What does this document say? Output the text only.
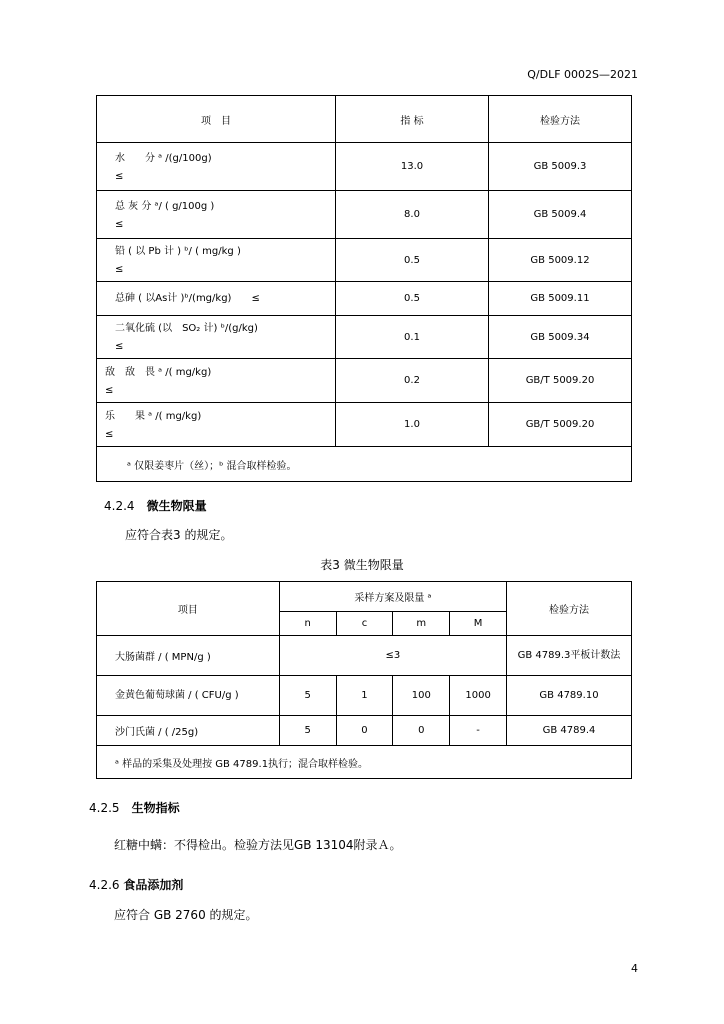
Q/DLF 0002S—2021
项　目	指 标	检验方法

水　　分 ᵃ /(g/100g)
≤	13.0	GB 5009.3

总 灰 分 ᵃ/ ( g/100g )
≤	8.0	GB 5009.4

铅 ( 以 Pb 计 ) ᵇ/ ( mg/kg )
≤	0.5	GB 5009.12

总砷 ( 以As计 )ᵇ/(mg/kg)　　≤	0.5	GB 5009.11

二氧化硫 (以　SO₂ 计) ᵇ/(g/kg)
≤	0.1	GB 5009.34

敌　敌　畏 ᵃ /( mg/kg)
≤	0.2	GB/T 5009.20

乐　　果 ᵃ /( mg/kg)
≤	1.0	GB/T 5009.20
ᵃ 仅限姜枣片（丝）；ᵇ 混合取样检验。		
4.2.4　 微生物限量
应符合表3 的规定。
表3 微生物限量
项目	采样方案及限量 ᵃ				检验方法
	n	c	m	M	
大肠菌群 / ( MPN/g )	≤3				GB 4789.3平板计数法
金黄色葡萄球菌 / ( CFU/g )	5	1	100	1000	GB 4789.10
沙门氏菌 / ( /25g)	5	0	0	-	GB 4789.4
ᵃ 样品的采集及处理按 GB 4789.1执行；混合取样检验。					
4.2.5　 生物指标
红糖中螨：不得检出。检验方法见GB 13104附录Ａ。
4.2.6 食品添加剂
应符合 GB 2760 的规定。
4
